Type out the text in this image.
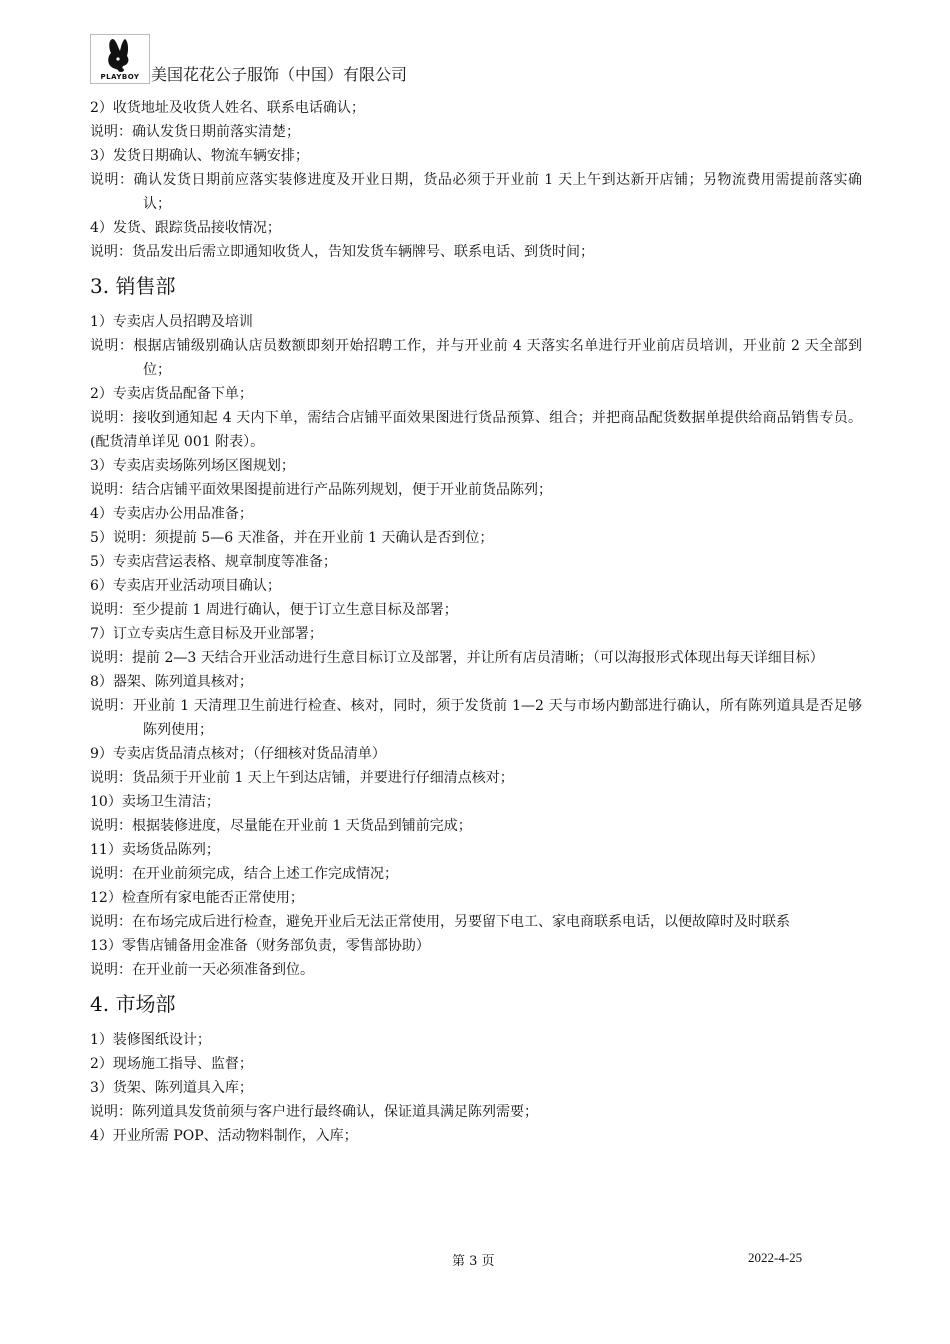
PLAYBOY 美国花花公子服饰（中国）有限公司
2）收货地址及收货人姓名、联系电话确认；
说明：确认发货日期前落实清楚；
3）发货日期确认、物流车辆安排；
说明：确认发货日期前应落实装修进度及开业日期，货品必须于开业前 1 天上午到达新开店铺；另物流费用需提前落实确认；
4）发货、跟踪货品接收情况；
说明：货品发出后需立即通知收货人，告知发货车辆牌号、联系电话、到货时间；
3. 销售部
1）专卖店人员招聘及培训
说明：根据店铺级别确认店员数额即刻开始招聘工作，并与开业前 4 天落实名单进行开业前店员培训，开业前 2 天全部到位；
2）专卖店货品配备下单；
说明：接收到通知起 4 天内下单，需结合店铺平面效果图进行货品预算、组合；并把商品配货数据单提供给商品销售专员。(配货清单详见 001 附表）。
3）专卖店卖场陈列场区图规划；
说明：结合店铺平面效果图提前进行产品陈列规划，便于开业前货品陈列；
4）专卖店办公用品准备；
5）说明：须提前 5—6 天准备，并在开业前 1 天确认是否到位；
5）专卖店营运表格、规章制度等准备；
6）专卖店开业活动项目确认；
说明：至少提前 1 周进行确认，便于订立生意目标及部署；
7）订立专卖店生意目标及开业部署；
说明：提前 2—3 天结合开业活动进行生意目标订立及部署，并让所有店员清晰；（可以海报形式体现出每天详细目标）
8）器架、陈列道具核对；
说明：开业前 1 天清理卫生前进行检查、核对，同时，须于发货前 1—2 天与市场内勤部进行确认，所有陈列道具是否足够陈列使用；
9）专卖店货品清点核对；（仔细核对货品清单）
说明：货品须于开业前 1 天上午到达店铺，并要进行仔细清点核对；
10）卖场卫生清洁；
说明：根据装修进度，尽量能在开业前 1 天货品到铺前完成；
11）卖场货品陈列；
说明：在开业前须完成，结合上述工作完成情况；
12）检查所有家电能否正常使用；
说明：在布场完成后进行检查，避免开业后无法正常使用，另要留下电工、家电商联系电话，以便故障时及时联系
13）零售店铺备用金准备（财务部负责，零售部协助）
说明：在开业前一天必须准备到位。
4. 市场部
1）装修图纸设计；
2）现场施工指导、监督；
3）货架、陈列道具入库；
说明：陈列道具发货前须与客户进行最终确认，保证道具满足陈列需要；
4）开业所需 POP、活动物料制作，入库；
第 3 页	2022-4-25
